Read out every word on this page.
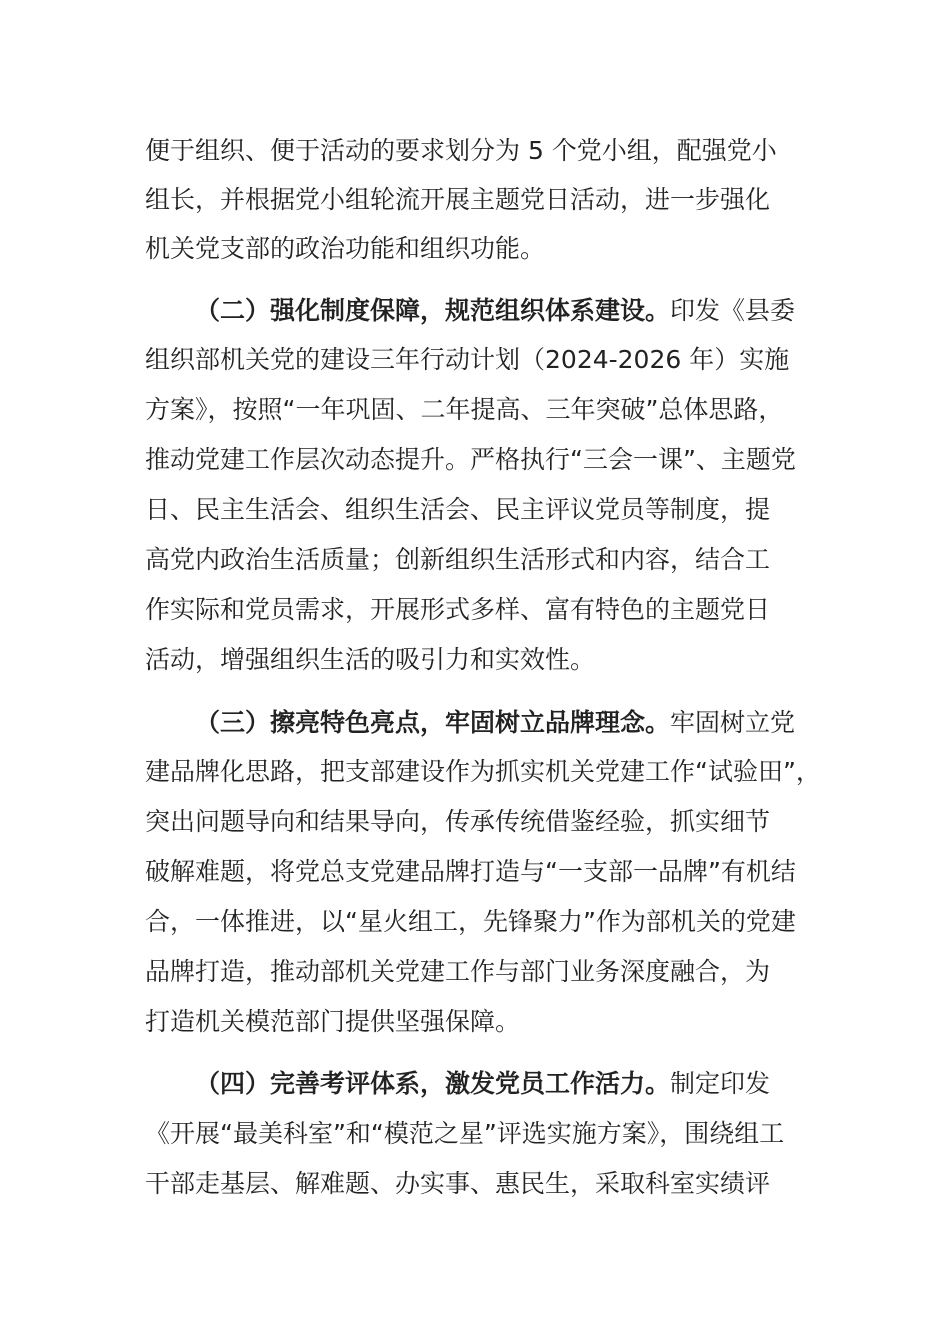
便于组织、便于活动的要求划分为 5 个党小组，配强党小
组长，并根据党小组轮流开展主题党日活动，进一步强化
机关党支部的政治功能和组织功能。
（二）强化制度保障，规范组织体系建设。印发《县委
组织部机关党的建设三年行动计划（2024-2026 年）实施
方案》，按照“一年巩固、二年提高、三年突破”总体思路，
推动党建工作层次动态提升。严格执行“三会一课”、主题党
日、民主生活会、组织生活会、民主评议党员等制度，提
高党内政治生活质量；创新组织生活形式和内容，结合工
作实际和党员需求，开展形式多样、富有特色的主题党日
活动，增强组织生活的吸引力和实效性。
（三）擦亮特色亮点，牢固树立品牌理念。牢固树立党
建品牌化思路，把支部建设作为抓实机关党建工作“试验田”，
突出问题导向和结果导向，传承传统借鉴经验，抓实细节
破解难题，将党总支党建品牌打造与“一支部一品牌”有机结
合，一体推进，以“星火组工，先锋聚力”作为部机关的党建
品牌打造，推动部机关党建工作与部门业务深度融合，为
打造机关模范部门提供坚强保障。
（四）完善考评体系，激发党员工作活力。制定印发
《开展“最美科室”和“模范之星”评选实施方案》，围绕组工
干部走基层、解难题、办实事、惠民生，采取科室实绩评
